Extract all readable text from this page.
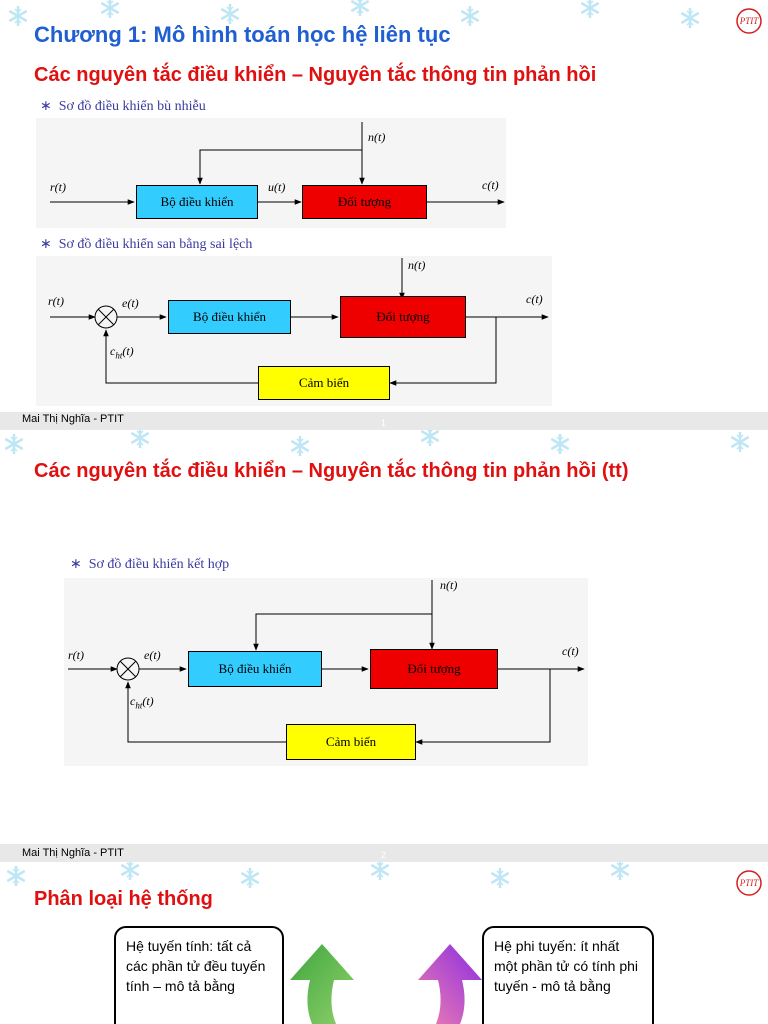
PTIT
Chương 1: Mô hình toán học hệ liên tục
Các nguyên tắc điều khiển – Nguyên tắc thông tin phản hồi
∗ Sơ đồ điều khiển bù nhiễu
Bộ điều khiển	Đối tượng
r(t)	u(t)
n(t)
c(t)
∗ Sơ đồ điều khiển san bằng sai lệch
Bộ điều khiển	Đối tượng
Cảm biến
r(t)	e(t)
n(t)
c(t)
$c_{ht}(t)$
1
Mai Thị Nghĩa - PTIT
Các nguyên tắc điều khiển – Nguyên tắc thông tin phản hồi (tt)
∗ Sơ đồ điều khiển kết hợp
Bộ điều khiển	Đối tượng
Cảm biến
r(t)	e(t)
n(t)
c(t)
$c_{ht}(t)$
2
Mai Thị Nghĩa - PTIT
PTIT
Phân loại hệ thống
Hệ tuyến tính: tất cả các phần tử đều tuyến tính – mô tả bằng
Hệ phi tuyến: ít nhất một phần tử có tính phi tuyến - mô tả bằng
